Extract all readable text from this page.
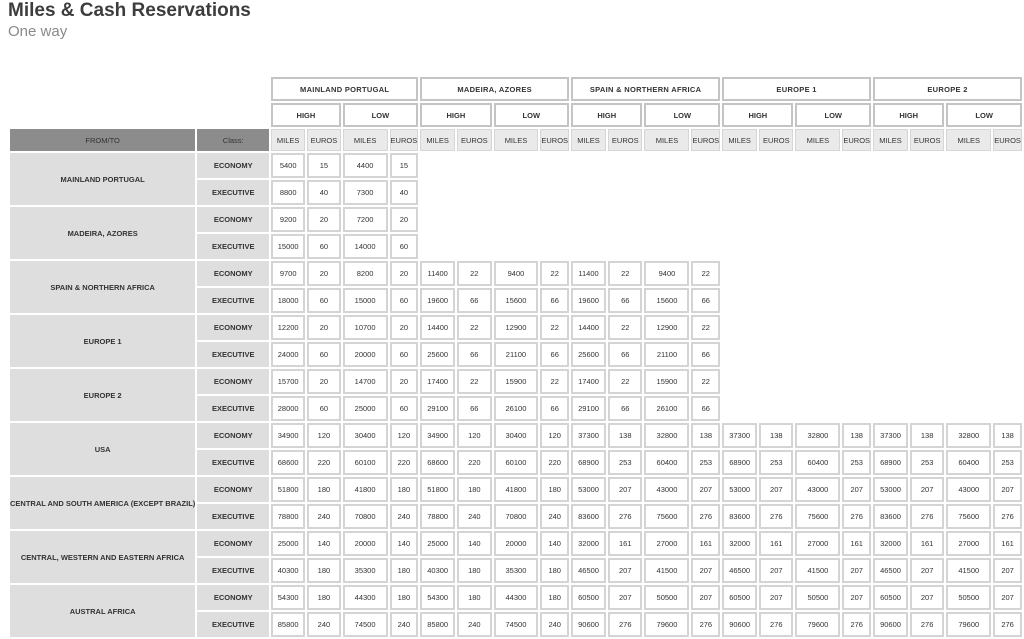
Miles & Cash Reservations
One way
		MAINLAND PORTUGAL				MADEIRA, AZORES				SPAIN & NORTHERN AFRICA				EUROPE 1				EUROPE 2			
		HIGH		LOW		HIGH		LOW		HIGH		LOW		HIGH		LOW		HIGH		LOW	
FROM/TO	Class:	MILES	EUROS	MILES	EUROS	MILES	EUROS	MILES	EUROS	MILES	EUROS	MILES	EUROS	MILES	EUROS	MILES	EUROS	MILES	EUROS	MILES	EUROS
MAINLAND PORTUGAL	ECONOMY	5400	15	4400	15																
	EXECUTIVE	8800	40	7300	40																
MADEIRA, AZORES	ECONOMY	9200	20	7200	20																
	EXECUTIVE	15000	60	14000	60																
SPAIN & NORTHERN AFRICA	ECONOMY	9700	20	8200	20	11400	22	9400	22	11400	22	9400	22								
	EXECUTIVE	18000	60	15000	60	19600	66	15600	66	19600	66	15600	66								
EUROPE 1	ECONOMY	12200	20	10700	20	14400	22	12900	22	14400	22	12900	22								
	EXECUTIVE	24000	60	20000	60	25600	66	21100	66	25600	66	21100	66								
EUROPE 2	ECONOMY	15700	20	14700	20	17400	22	15900	22	17400	22	15900	22								
	EXECUTIVE	28000	60	25000	60	29100	66	26100	66	29100	66	26100	66								
USA	ECONOMY	34900	120	30400	120	34900	120	30400	120	37300	138	32800	138	37300	138	32800	138	37300	138	32800	138
	EXECUTIVE	68600	220	60100	220	68600	220	60100	220	68900	253	60400	253	68900	253	60400	253	68900	253	60400	253
CENTRAL AND SOUTH AMERICA (EXCEPT BRAZIL)	ECONOMY	51800	180	41800	180	51800	180	41800	180	53000	207	43000	207	53000	207	43000	207	53000	207	43000	207
	EXECUTIVE	78800	240	70800	240	78800	240	70800	240	83600	276	75600	276	83600	276	75600	276	83600	276	75600	276
CENTRAL, WESTERN AND EASTERN AFRICA	ECONOMY	25000	140	20000	140	25000	140	20000	140	32000	161	27000	161	32000	161	27000	161	32000	161	27000	161
	EXECUTIVE	40300	180	35300	180	40300	180	35300	180	46500	207	41500	207	46500	207	41500	207	46500	207	41500	207
AUSTRAL AFRICA	ECONOMY	54300	180	44300	180	54300	180	44300	180	60500	207	50500	207	60500	207	50500	207	60500	207	50500	207
	EXECUTIVE	85800	240	74500	240	85800	240	74500	240	90600	276	79600	276	90600	276	79600	276	90600	276	79600	276
